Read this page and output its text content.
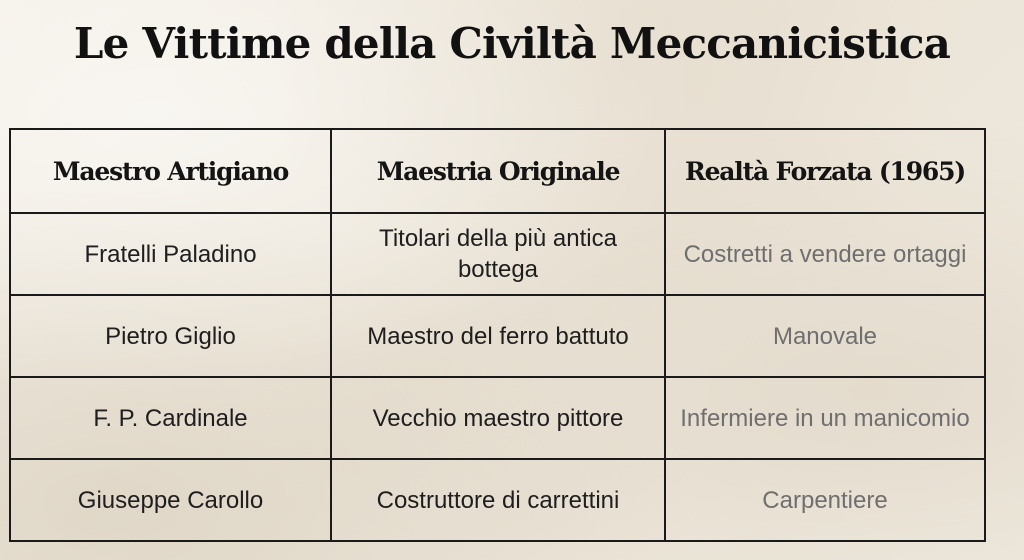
Le Vittime della Civiltà Meccanicistica
Maestro Artigiano	Maestria Originale	Realtà Forzata (1965)
Fratelli Paladino	Titolari della più antica bottega	Costretti a vendere ortaggi
Pietro Giglio	Maestro del ferro battuto	Manovale
F. P. Cardinale	Vecchio maestro pittore	Infermiere in un manicomio
Giuseppe Carollo	Costruttore di carrettini	Carpentiere
